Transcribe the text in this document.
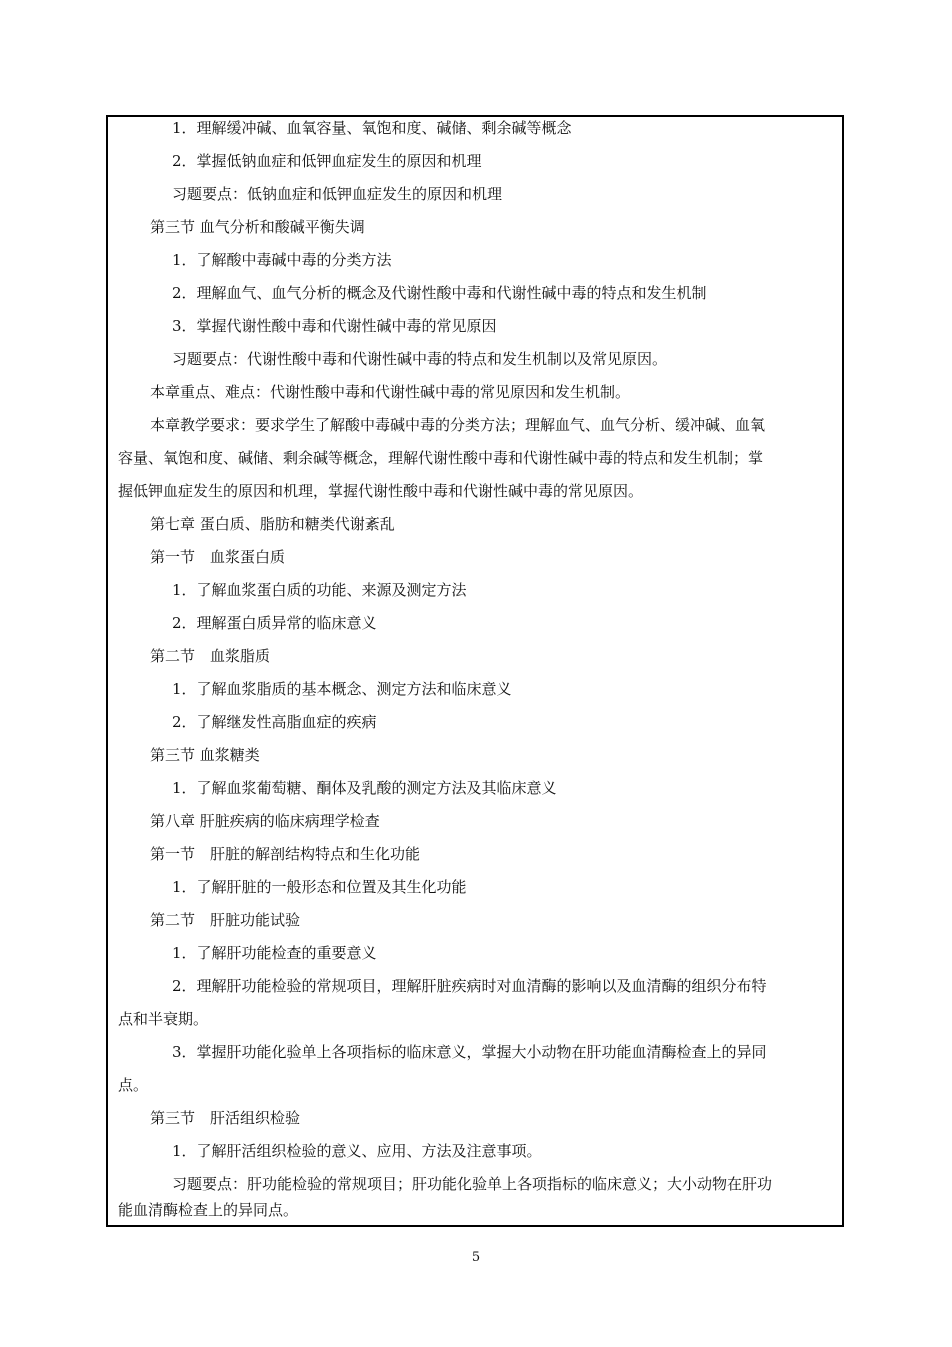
1．理解缓冲碱、血氧容量、氧饱和度、碱储、剩余碱等概念
2．掌握低钠血症和低钾血症发生的原因和机理
习题要点：低钠血症和低钾血症发生的原因和机理
第三节 血气分析和酸碱平衡失调
1．了解酸中毒碱中毒的分类方法
2．理解血气、血气分析的概念及代谢性酸中毒和代谢性碱中毒的特点和发生机制
3．掌握代谢性酸中毒和代谢性碱中毒的常见原因
习题要点：代谢性酸中毒和代谢性碱中毒的特点和发生机制以及常见原因。
本章重点、难点：代谢性酸中毒和代谢性碱中毒的常见原因和发生机制。
本章教学要求：要求学生了解酸中毒碱中毒的分类方法；理解血气、血气分析、缓冲碱、血氧
容量、氧饱和度、碱储、剩余碱等概念，理解代谢性酸中毒和代谢性碱中毒的特点和发生机制；掌
握低钾血症发生的原因和机理，掌握代谢性酸中毒和代谢性碱中毒的常见原因。
第七章 蛋白质、脂肪和糖类代谢紊乱
第一节　血浆蛋白质
1．了解血浆蛋白质的功能、来源及测定方法
2．理解蛋白质异常的临床意义
第二节　血浆脂质
1．了解血浆脂质的基本概念、测定方法和临床意义
2．了解继发性高脂血症的疾病
第三节 血浆糖类
1．了解血浆葡萄糖、酮体及乳酸的测定方法及其临床意义
第八章 肝脏疾病的临床病理学检查
第一节　肝脏的解剖结构特点和生化功能
1．了解肝脏的一般形态和位置及其生化功能
第二节　肝脏功能试验
1．了解肝功能检查的重要意义
2．理解肝功能检验的常规项目，理解肝脏疾病时对血清酶的影响以及血清酶的组织分布特
点和半衰期。
3．掌握肝功能化验单上各项指标的临床意义，掌握大小动物在肝功能血清酶检查上的异同
点。
第三节　肝活组织检验
1．了解肝活组织检验的意义、应用、方法及注意事项。
习题要点：肝功能检验的常规项目；肝功能化验单上各项指标的临床意义；大小动物在肝功
能血清酶检查上的异同点。
5
